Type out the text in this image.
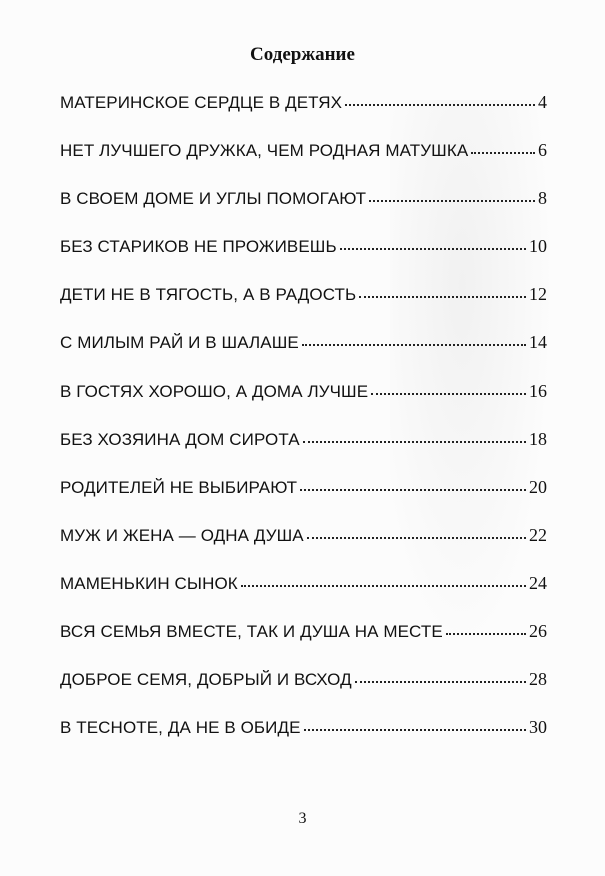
Содержание
МАТЕРИНСКОЕ СЕРДЦЕ В ДЕТЯХ	4
НЕТ ЛУЧШЕГО ДРУЖКА, ЧЕМ РОДНАЯ МАТУШКА	6
В СВОЕМ ДОМЕ И УГЛЫ ПОМОГАЮТ	8
БЕЗ СТАРИКОВ НЕ ПРОЖИВЕШЬ	10
ДЕТИ НЕ В ТЯГОСТЬ, А В РАДОСТЬ	12
С МИЛЫМ РАЙ И В ШАЛАШЕ	14
В ГОСТЯХ ХОРОШО, А ДОМА ЛУЧШЕ	16
БЕЗ ХОЗЯИНА ДОМ СИРОТА	18
РОДИТЕЛЕЙ НЕ ВЫБИРАЮТ	20
МУЖ И ЖЕНА — ОДНА ДУША	22
МАМЕНЬКИН СЫНОК	24
ВСЯ СЕМЬЯ ВМЕСТЕ, ТАК И ДУША НА МЕСТЕ	26
ДОБРОЕ СЕМЯ, ДОБРЫЙ И ВСХОД	28
В ТЕСНОТЕ, ДА НЕ В ОБИДЕ	30
3
